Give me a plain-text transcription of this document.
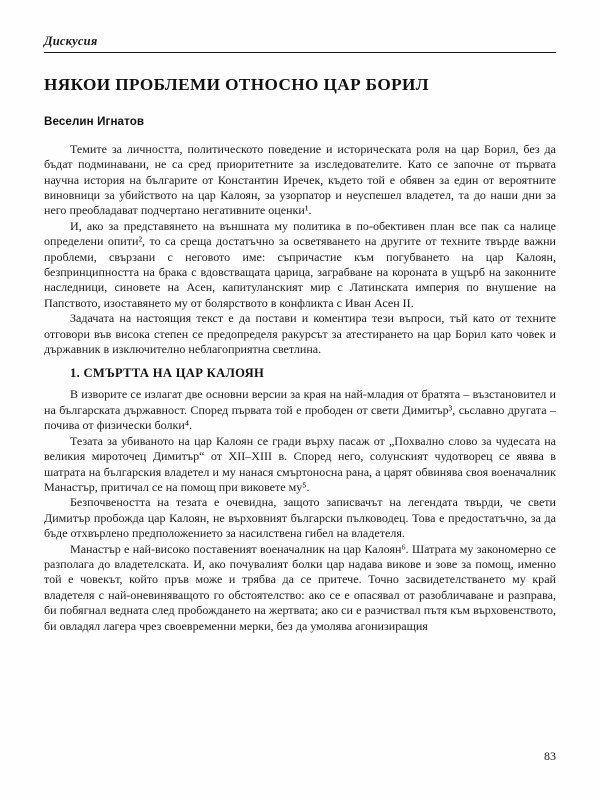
Дискусия
НЯКОИ ПРОБЛЕМИ ОТНОСНО ЦАР БОРИЛ
Веселин Игнатов

Темите за личността, политическото поведение и историческата роля на цар Борил, без да бъдат подминавани, не са сред приоритетните за изследователите. Като се започне от първата научна история на българите от Константин Иречек, където той е обявен за един от вероятните виновници за убийството на цар Калоян, за узорпатор и неуспешел владетел, та до наши дни за него преобладават подчертано негативните оценки¹.

И, ако за представянето на външната му политика в по-обективен план все пак са налице определени опити², то са среща достатъчно за осветяването на другите от техните твърде важни проблеми, свързани с неговото име: съпричастие към погубването на цар Калоян, безпринципността на брака с вдовстващата царица, заграбване на короната в ущърб на законните наследници, синовете на Асен, капитуланският мир с Латинската империя по внушение на Папството, изоставянето му от болярството в конфликта с Иван Асен II.

Задачата на настоящия текст е да постави и коментира тези въпроси, тъй като от техните отговори във висока степен се предопределя ракурсът за атестирането на цар Борил като човек и държавник в изключително неблагоприятна светлина.

1. СМЪРТТА НА ЦАР КАЛОЯН

В изворите се излагат две основни версии за края на най-младия от братята – възстановител и на българската държавност. Според първата той е прободен от свети Димитър³, сьславно другата – почива от физически болки⁴.

Тезата за убиваното на цар Калоян се гради върху пасаж от „Похвално слово за чудесата на великия мироточец Димитър“ от XII–XIII в. Според него, солунският чудотворец се явява в шатрата на българския владетел и му нанася смъртоносна рана, а царят обвинява своя военачалник Манастър, притичал се на помощ при виковете му⁵.

Безпочвеността на тезата е очевидна, защото записвачът на легендата твърди, че свети Димитър пробожда цар Калоян, не върховният български пълководец. Това е предостатъчно, за да бъде отхвърлено предположението за насилствена гибел на владетеля.

Манастър е най-високо поставеният военачалник на цар Калоян⁶. Шатрата му закономерно се разполага до владетелската. И, ако почувалият болки цар надава викове и зове за помощ, именно той е човекът, който пръв може и трябва да се притече. Точно засвидетелстването му край владетеля с най-оневиняващото го обстоятелство: ако се е опасявал от разобличаване и разправа, би побягнал ведната след пробождането на жертвата; ако си е разчиствал пътя към върховенството, би овладял лагера чрез своевременни мерки, без да умолява агонизиращия

83
